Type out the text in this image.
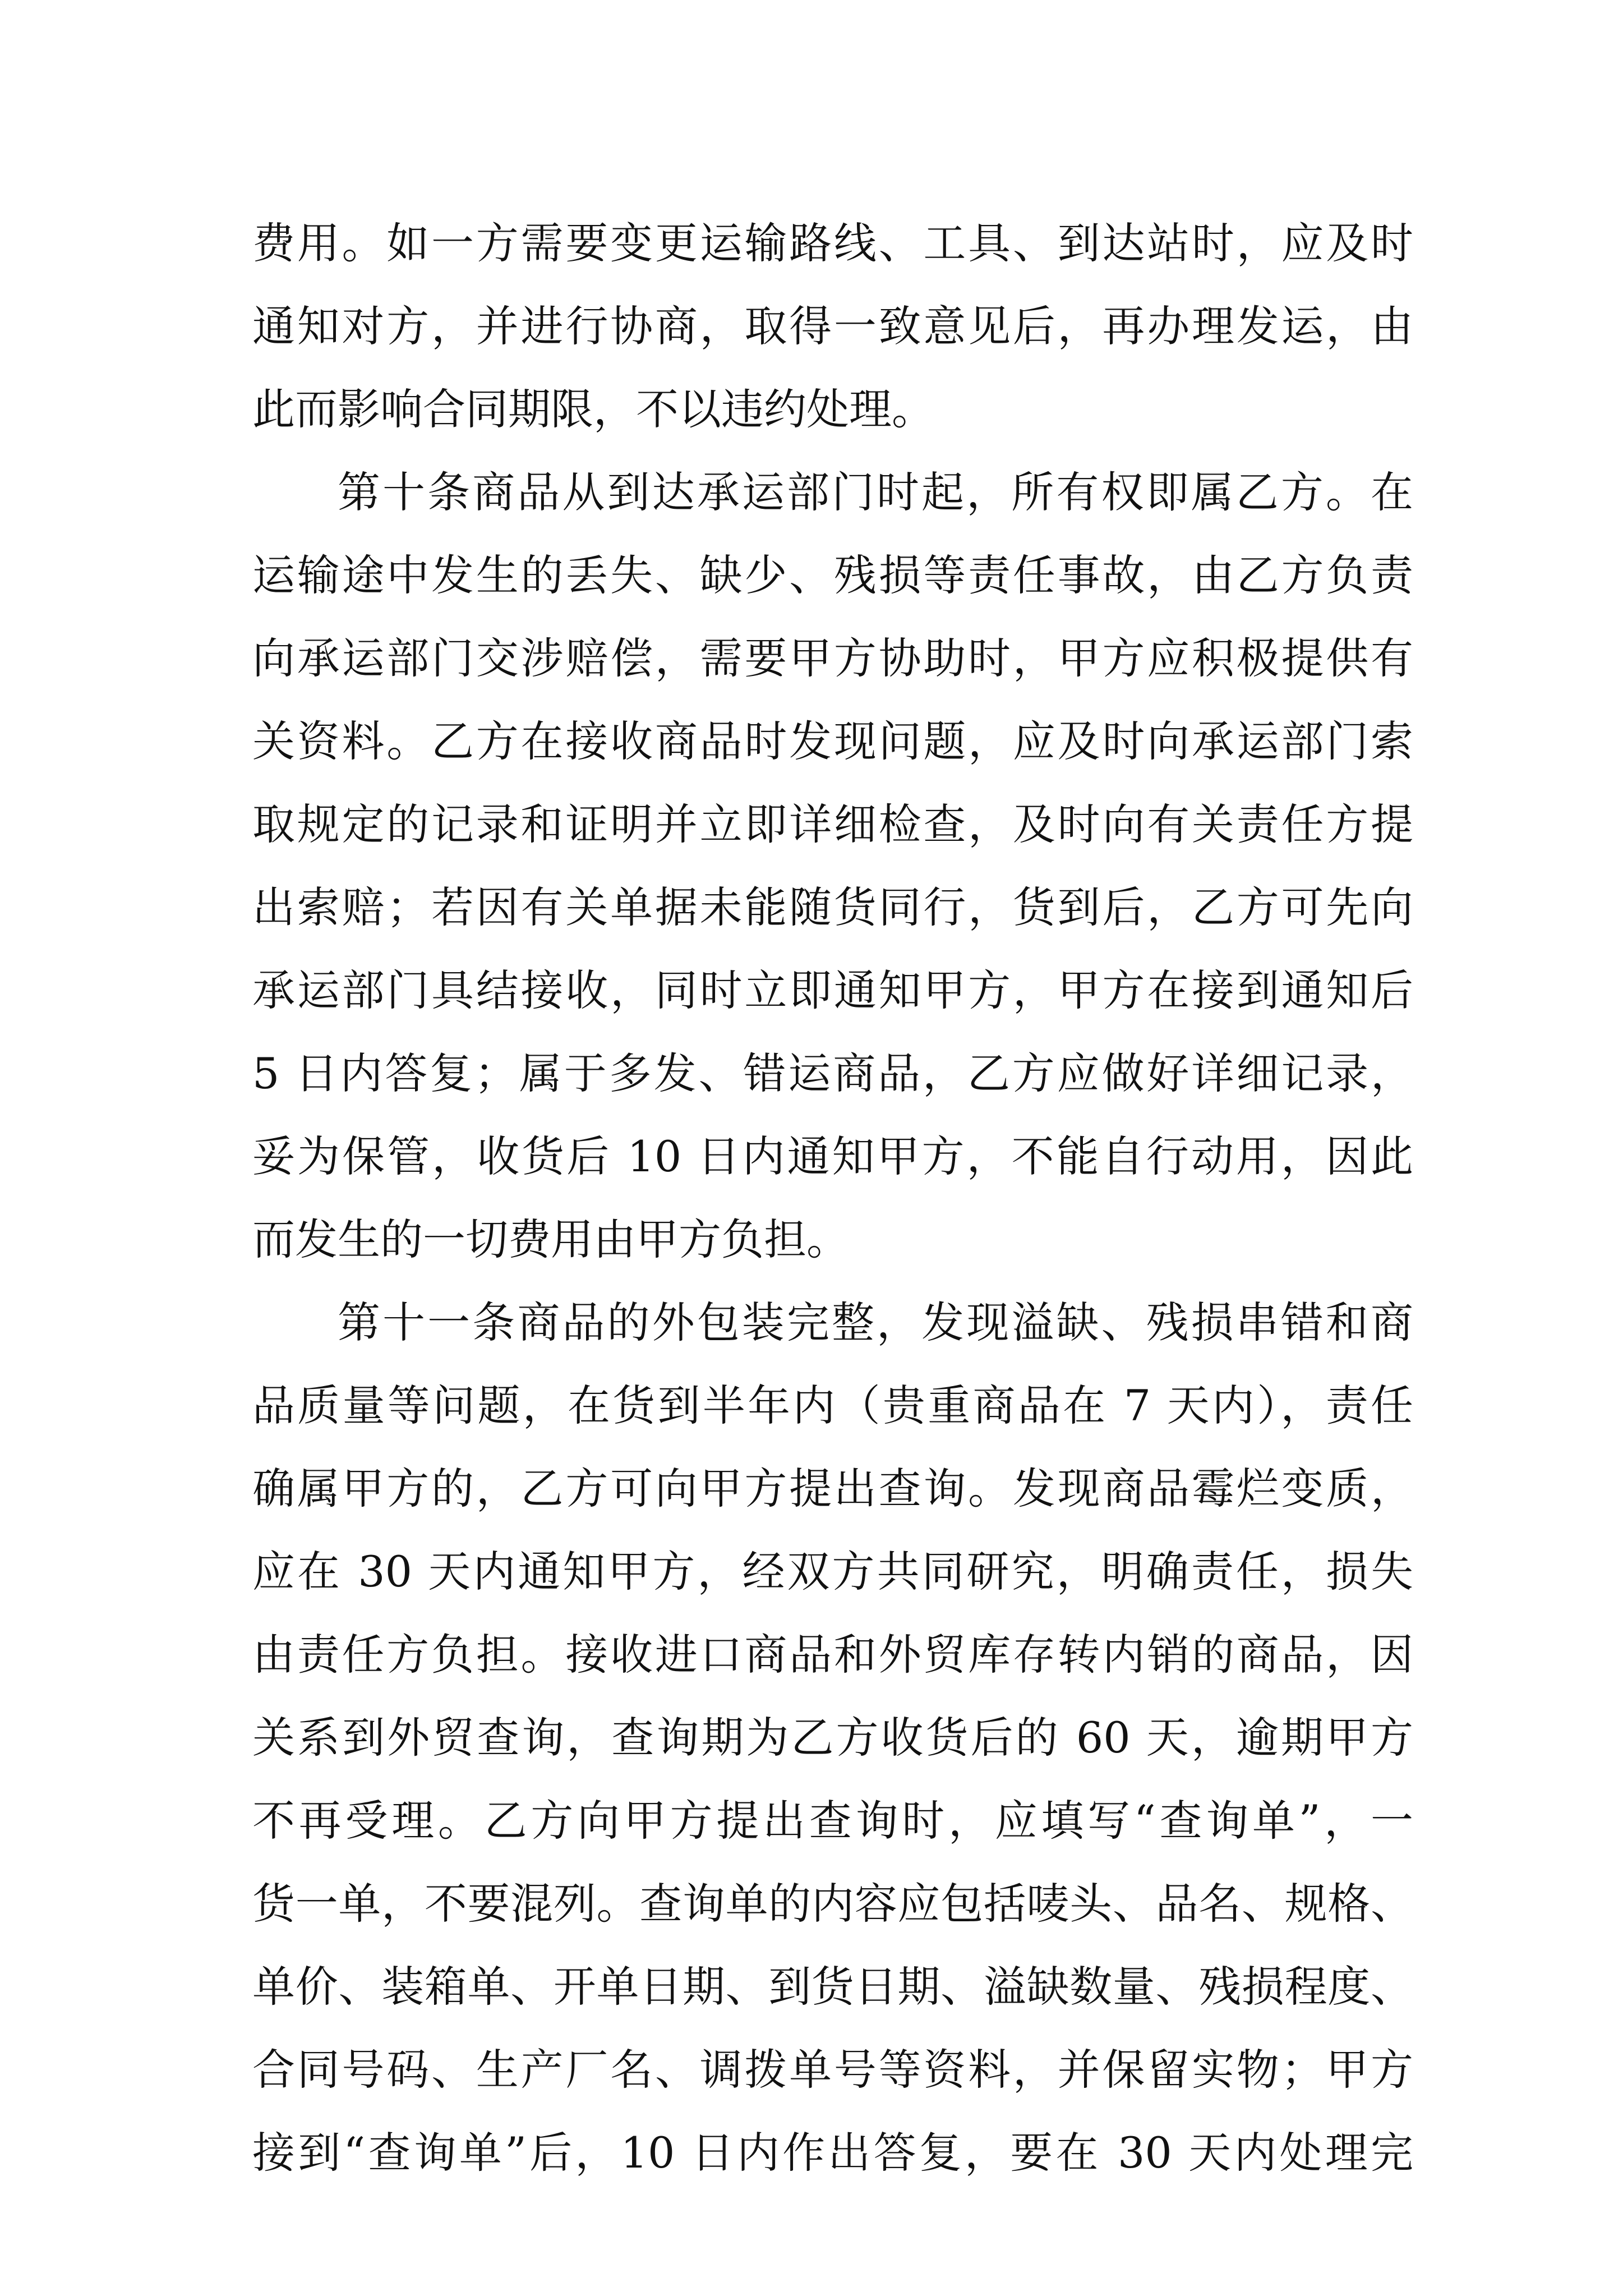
费用。如一方需要变更运输路线、工具、到达站时，应及时
通知对方，并进行协商，取得一致意见后，再办理发运，由
此而影响合同期限，不以违约处理。
第十条商品从到达承运部门时起，所有权即属乙方。在
运输途中发生的丢失、缺少、残损等责任事故，由乙方负责
向承运部门交涉赔偿，需要甲方协助时，甲方应积极提供有
关资料。乙方在接收商品时发现问题，应及时向承运部门索
取规定的记录和证明并立即详细检查，及时向有关责任方提
出索赔；若因有关单据未能随货同行，货到后，乙方可先向
承运部门具结接收，同时立即通知甲方，甲方在接到通知后
5 日内答复；属于多发、错运商品，乙方应做好详细记录，
妥为保管，收货后 10 日内通知甲方，不能自行动用，因此
而发生的一切费用由甲方负担。
第十一条商品的外包装完整，发现溢缺、残损串错和商
品质量等问题，在货到半年内（贵重商品在 7 天内），责任
确属甲方的，乙方可向甲方提出查询。发现商品霉烂变质，
应在 30 天内通知甲方，经双方共同研究，明确责任，损失
由责任方负担。接收进口商品和外贸库存转内销的商品，因
关系到外贸查询，查询期为乙方收货后的 60 天，逾期甲方
不再受理。乙方向甲方提出查询时，应填写“查询单”，一
货一单，不要混列。查询单的内容应包括唛头、品名、规格、
单价、装箱单、开单日期、到货日期、溢缺数量、残损程度、
合同号码、生产厂名、调拨单号等资料，并保留实物；甲方
接到“查询单”后，10 日内作出答复，要在 30 天内处理完
